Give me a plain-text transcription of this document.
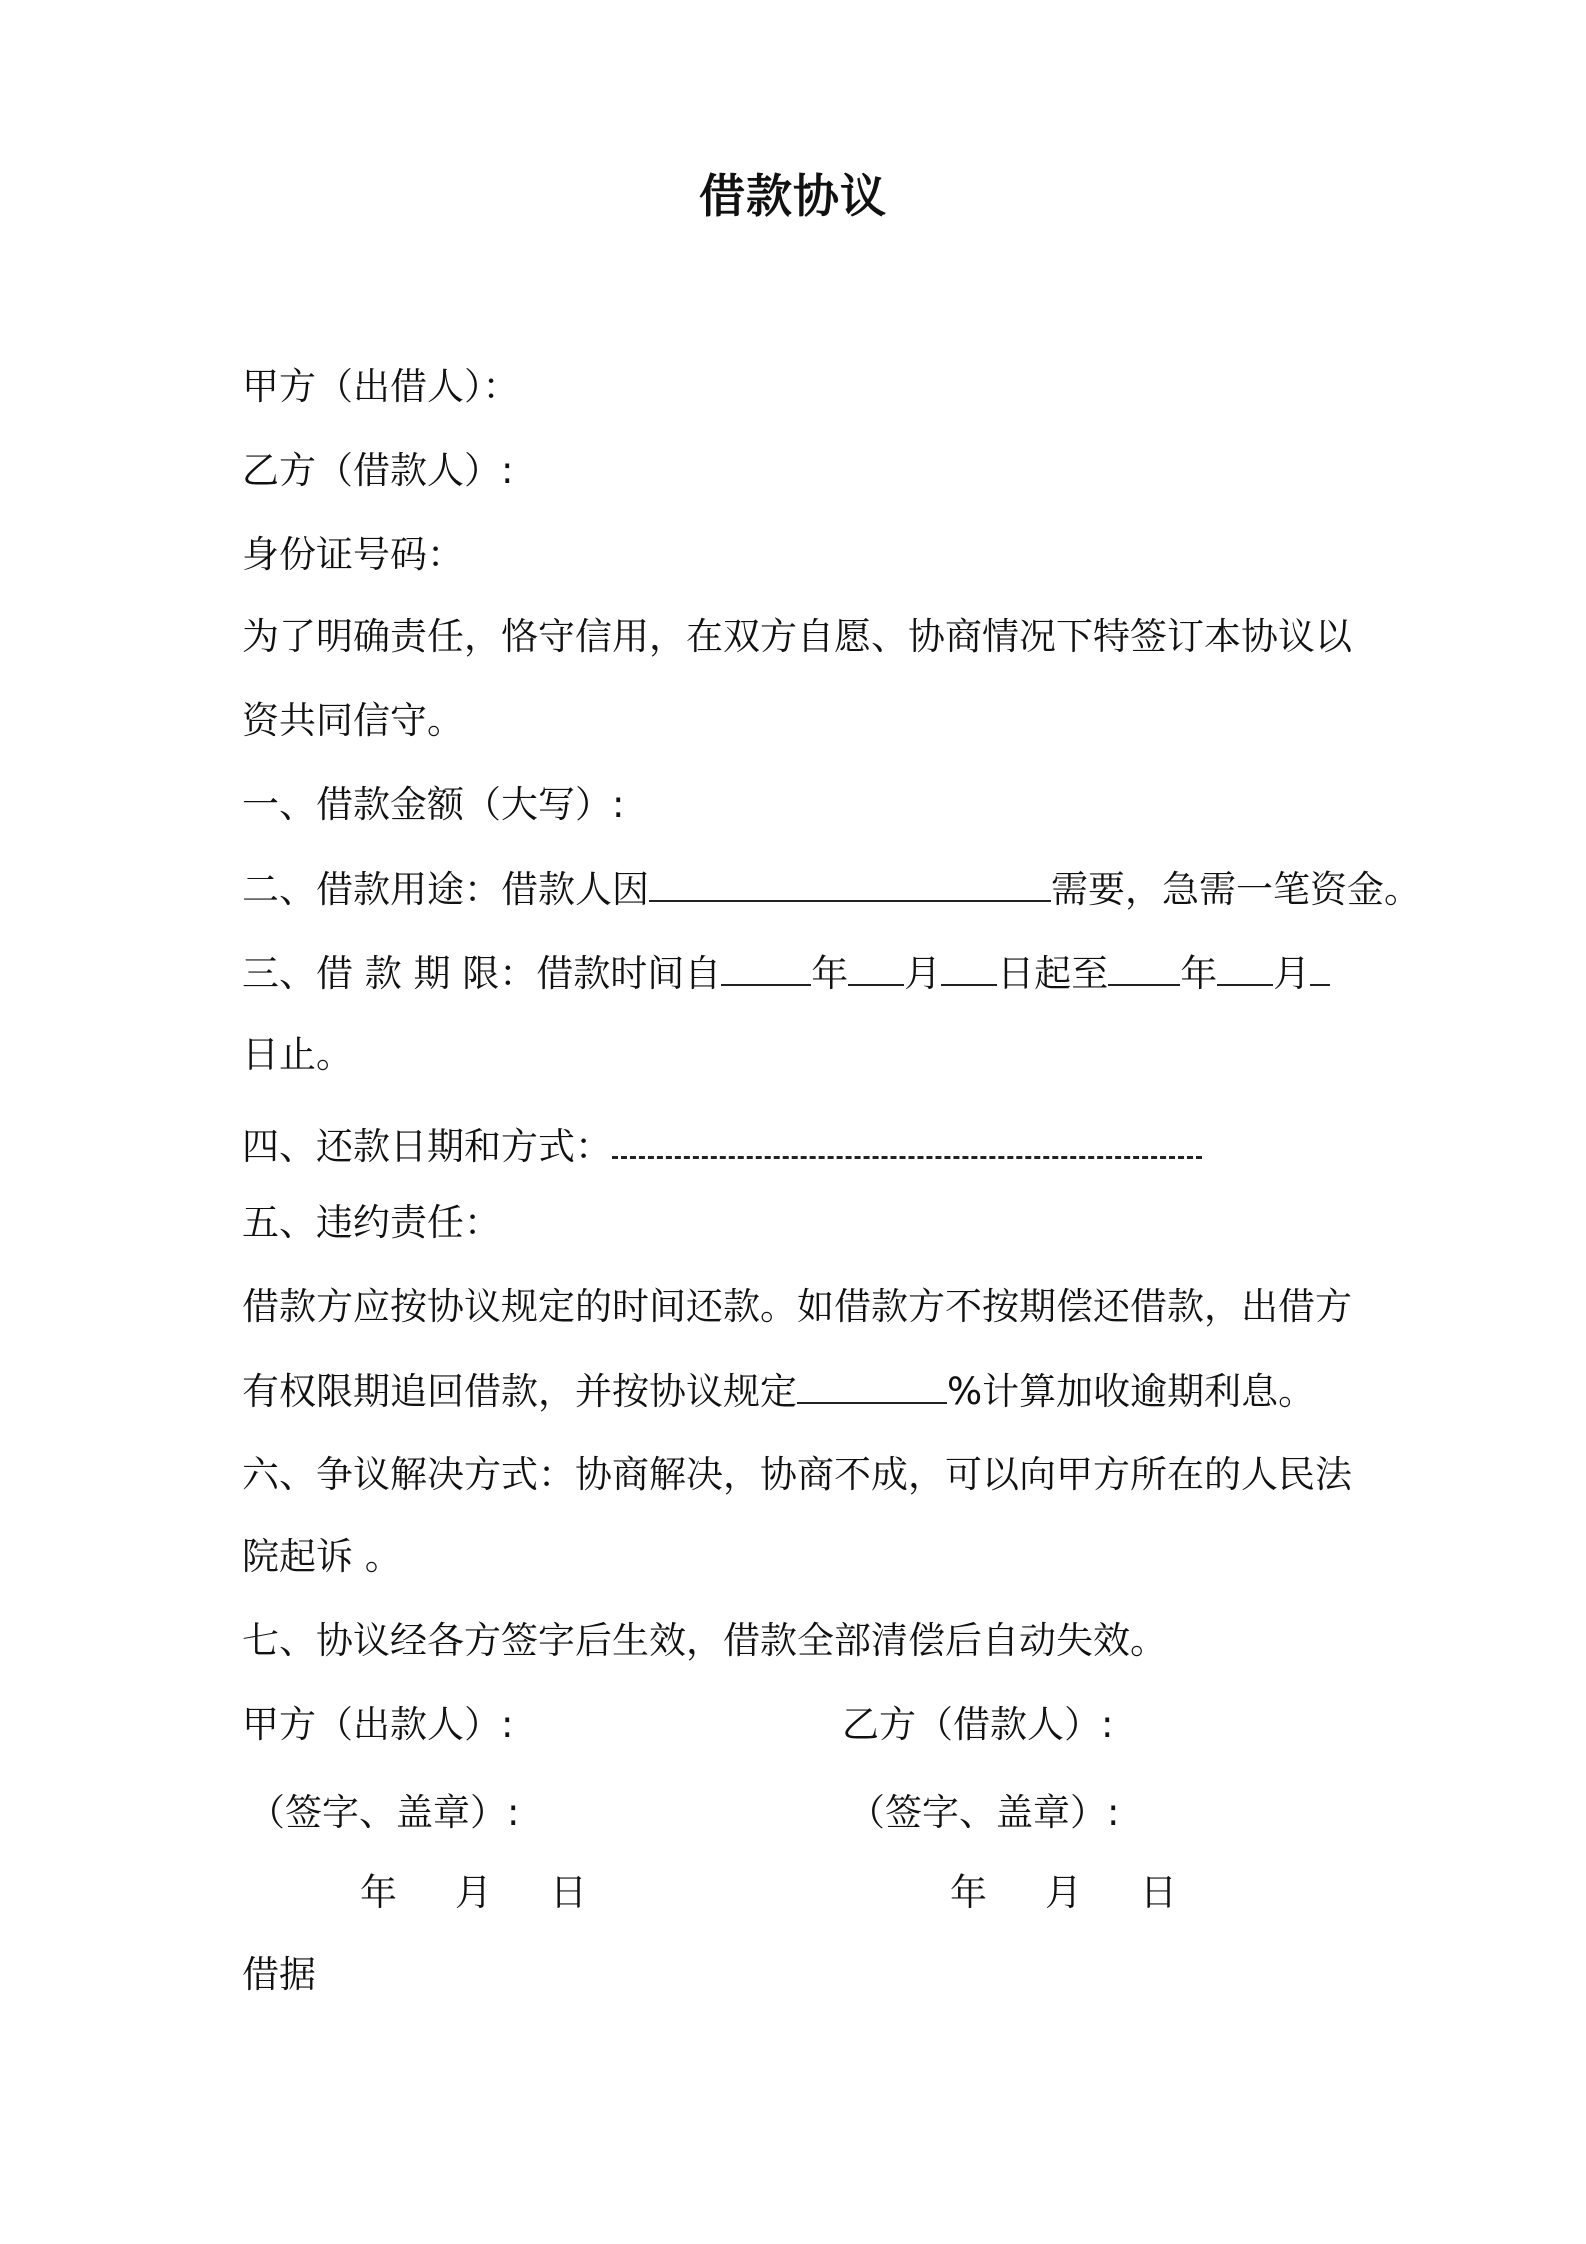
借款协议
甲方（出借人）：
乙方（借款人）:
身份证号码：
为了明确责任，恪守信用，在双方自愿、协商情况下特签订本协议以
资共同信守。
一、借款金额（大写）:
二、借款用途：借款人因	需要，急需一笔资金。
三、借 款 期 限：借款时间自 年 月 日起至 年 月
日止。
四、还款日期和方式：
五、违约责任：
借款方应按协议规定的时间还款。如借款方不按期偿还借款，出借方
有权限期追回借款，并按协议规定	%计算加收逾期利息。
六、争议解决方式：协商解决，协商不成，可以向甲方所在的人民法
院起诉 。
七、协议经各方签字后生效，借款全部清偿后自动失效。
甲方（出款人）:	乙方（借款人）:
（签字、盖章）:	（签字、盖章）:
年 月 日	年 月 日
借据
